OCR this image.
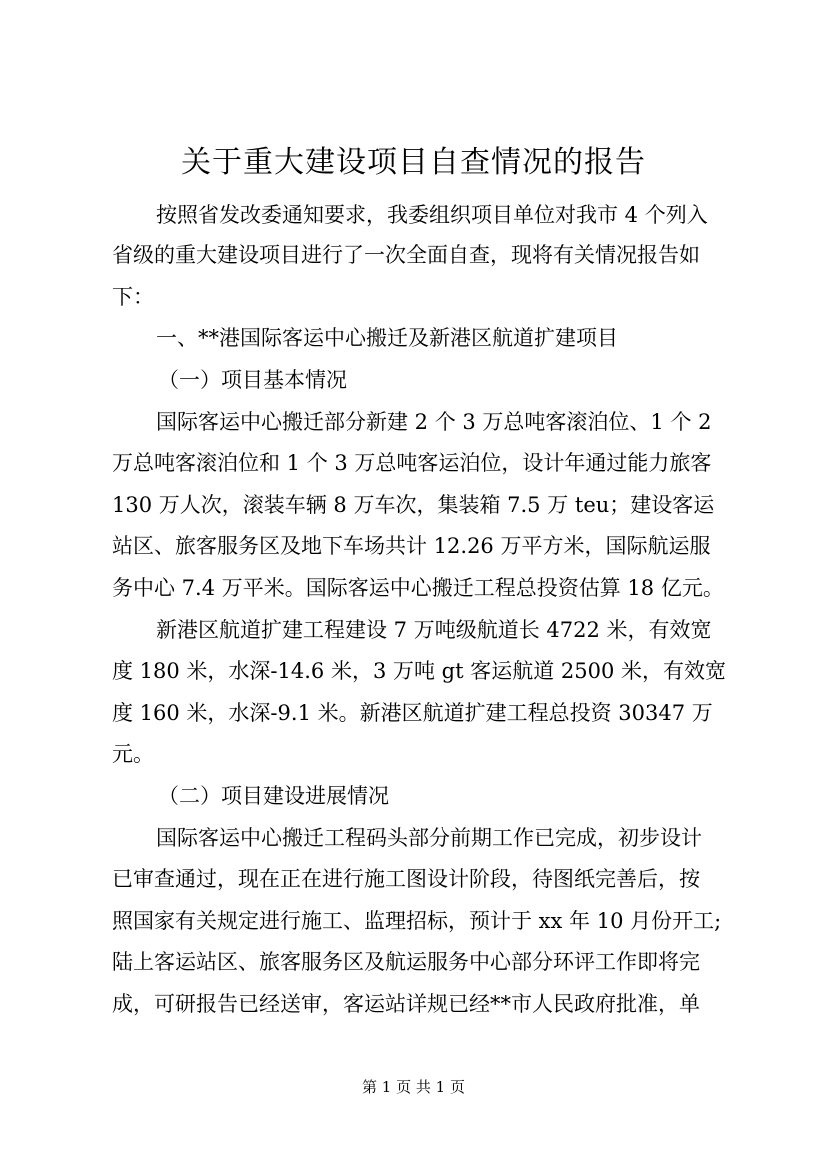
关于重大建设项目自查情况的报告
按照省发改委通知要求，我委组织项目单位对我市 4 个列入
省级的重大建设项目进行了一次全面自查，现将有关情况报告如
下：
一、**港国际客运中心搬迁及新港区航道扩建项目
（一）项目基本情况
国际客运中心搬迁部分新建 2 个 3 万总吨客滚泊位、1 个 2
万总吨客滚泊位和 1 个 3 万总吨客运泊位，设计年通过能力旅客
130 万人次，滚装车辆 8 万车次，集装箱 7.5 万 teu；建设客运
站区、旅客服务区及地下车场共计 12.26 万平方米，国际航运服
务中心 7.4 万平米。国际客运中心搬迁工程总投资估算 18 亿元。
新港区航道扩建工程建设 7 万吨级航道长 4722 米，有效宽
度 180 米，水深-14.6 米，3 万吨 gt 客运航道 2500 米，有效宽
度 160 米，水深-9.1 米。新港区航道扩建工程总投资 30347 万
元。
（二）项目建设进展情况
国际客运中心搬迁工程码头部分前期工作已完成，初步设计
已审查通过，现在正在进行施工图设计阶段，待图纸完善后，按
照国家有关规定进行施工、监理招标，预计于 xx 年 10 月份开工;
陆上客运站区、旅客服务区及航运服务中心部分环评工作即将完
成，可研报告已经送审，客运站详规已经**市人民政府批准，单
第 1 页 共 1 页
